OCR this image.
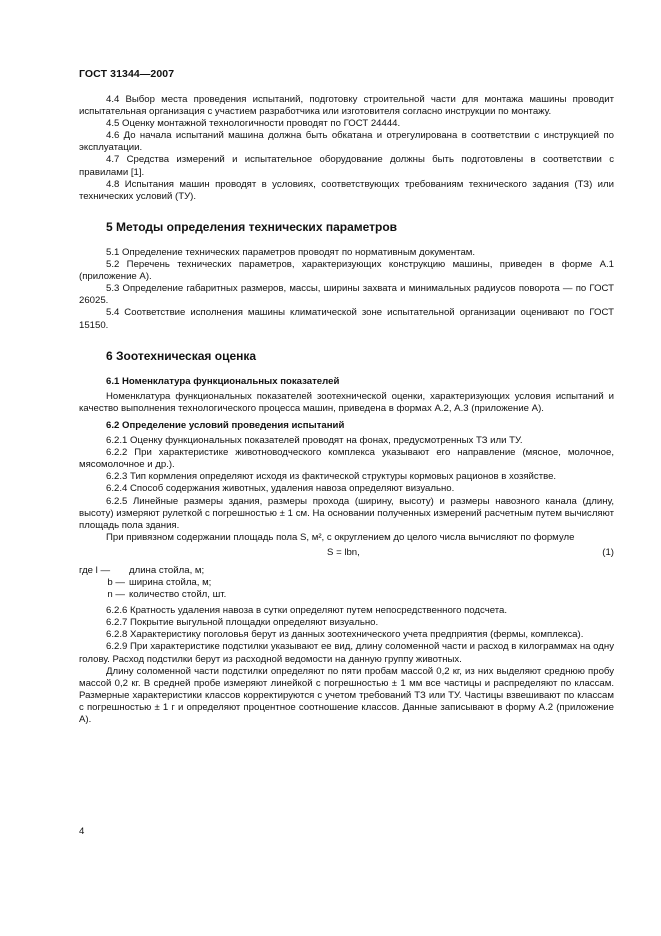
ГОСТ 31344—2007

4.4 Выбор места проведения испытаний, подготовку строительной части для монтажа машины проводит испытательная организация с участием разработчика или изготовителя согласно инструкции по монтажу.

4.5 Оценку монтажной технологичности проводят по ГОСТ 24444.

4.6 До начала испытаний машина должна быть обкатана и отрегулирована в соответствии с инструкцией по эксплуатации.

4.7 Средства измерений и испытательное оборудование должны быть подготовлены в соответствии с правилами [1].

4.8 Испытания машин проводят в условиях, соответствующих требованиям технического задания (ТЗ) или технических условий (ТУ).

5 Методы определения технических параметров

5.1 Определение технических параметров проводят по нормативным документам.

5.2 Перечень технических параметров, характеризующих конструкцию машины, приведен в форме А.1 (приложение А).

5.3 Определение габаритных размеров, массы, ширины захвата и минимальных радиусов поворота — по ГОСТ 26025.

5.4 Соответствие исполнения машины климатической зоне испытательной организации оценивают по ГОСТ 15150.

6 Зоотехническая оценка
6.1 Номенклатура функциональных показателей

Номенклатура функциональных показателей зоотехнической оценки, характеризующих условия испытаний и качество выполнения технологического процесса машин, приведена в формах А.2, А.3 (приложение А).

6.2 Определение условий проведения испытаний

6.2.1 Оценку функциональных показателей проводят на фонах, предусмотренных ТЗ или ТУ.

6.2.2 При характеристике животноводческого комплекса указывают его направление (мясное, молочное, мясомолочное и др.).

6.2.3 Тип кормления определяют исходя из фактической структуры кормовых рационов в хозяйстве.

6.2.4 Способ содержания животных, удаления навоза определяют визуально.

6.2.5 Линейные размеры здания, размеры прохода (ширину, высоту) и размеры навозного канала (длину, высоту) измеряют рулеткой с погрешностью ± 1 см. На основании полученных измерений расчетным путем вычисляют площадь пола здания.

При привязном содержании площадь пола S, м², с округлением до целого числа вычисляют по формуле

S = lbn,	(1)
где l —	длина стойла, м;
b — ширина стойла, м;
n — количество стойл, шт.

6.2.6 Кратность удаления навоза в сутки определяют путем непосредственного подсчета.

6.2.7 Покрытие выгульной площадки определяют визуально.

6.2.8 Характеристику поголовья берут из данных зоотехнического учета предприятия (фермы, комплекса).

6.2.9 При характеристике подстилки указывают ее вид, длину соломенной части и расход в килограммах на одну голову. Расход подстилки берут из расходной ведомости на данную группу животных.

Длину соломенной части подстилки определяют по пяти пробам массой 0,2 кг, из них выделяют среднюю пробу массой 0,2 кг. В средней пробе измеряют линейкой с погрешностью ± 1 мм все частицы и распределяют по классам. Размерные характеристики классов корректируются с учетом требований ТЗ или ТУ. Частицы взвешивают по классам с погрешностью ± 1 г и определяют процентное соотношение классов. Данные записывают в форму А.2 (приложение А).

4
